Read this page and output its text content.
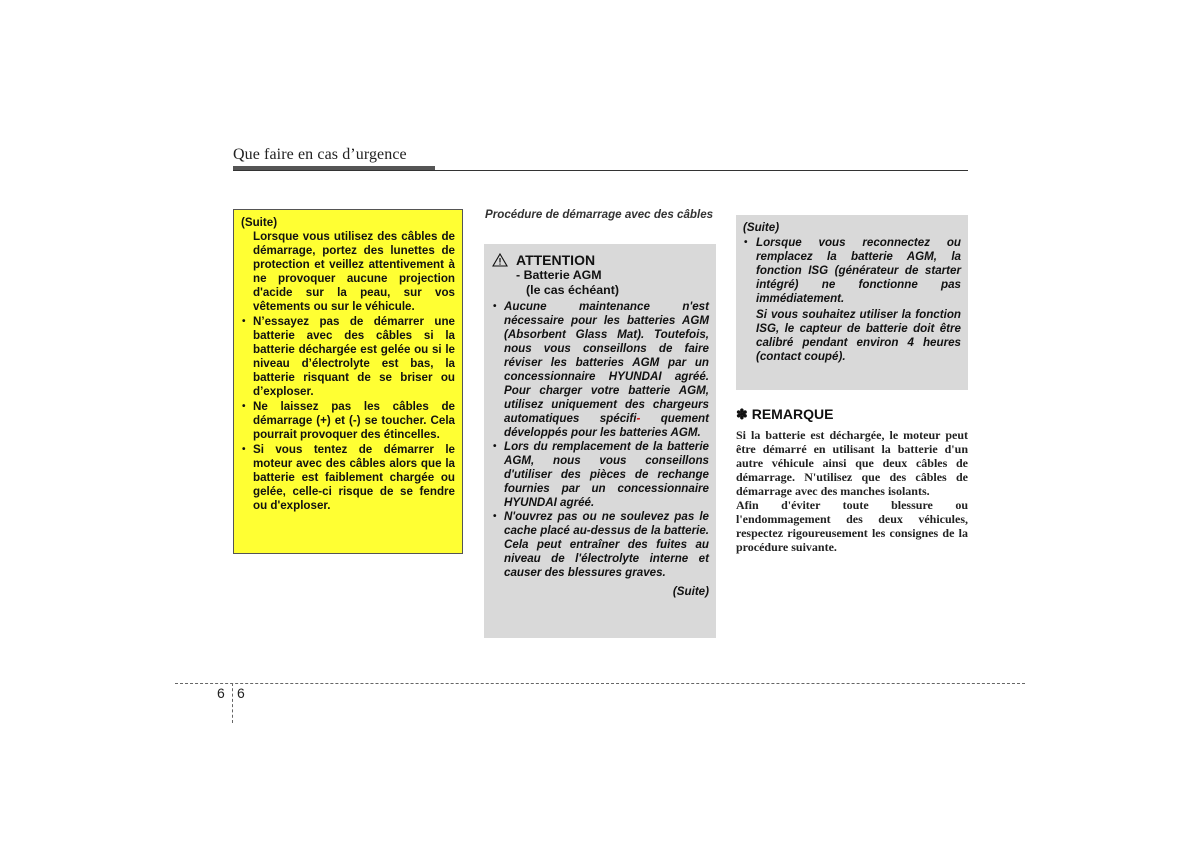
Que faire en cas d’urgence
(Suite)
Lorsque vous utilisez des câbles de démarrage, portez des lunettes de protection et veillez attentivement à ne provoquer aucune projection d'acide sur la peau, sur vos vêtements ou sur le véhicule.
• N’essayez pas de démarrer une batterie avec des câbles si la batterie déchargée est gelée ou si le niveau d’électrolyte est bas, la batterie risquant de se briser ou d’exploser.
• Ne laissez pas les câbles de démarrage (+) et (-) se toucher. Cela pourrait provoquer des étincelles.
• Si vous tentez de démarrer le moteur avec des câbles alors que la batterie est faiblement chargée ou gelée, celle-ci risque de se fendre ou d'exploser.
Procédure de démarrage avec des câbles
ATTENTION
- Batterie AGM
(le cas échéant)
• Aucune maintenance n'est nécessaire pour les batteries AGM (Absorbent Glass Mat). Toutefois, nous vous conseillons de faire réviser les batteries AGM par un concessionnaire HYUNDAI agréé. Pour charger votre batterie AGM, utilisez uniquement des chargeurs automatiques spécifi- quement développés pour les batteries AGM.
• Lors du remplacement de la batterie AGM, nous vous conseillons d'utiliser des pièces de rechange fournies par un concessionnaire HYUNDAI agréé.
• N'ouvrez pas ou ne soulevez pas le cache placé au-dessus de la batterie. Cela peut entraîner des fuites au niveau de l'électrolyte interne et causer des blessures graves.
(Suite)
(Suite)
• Lorsque vous reconnectez ou remplacez la batterie AGM, la fonction ISG (générateur de starter intégré) ne fonctionne pas immédiatement.
Si vous souhaitez utiliser la fonction ISG, le capteur de batterie doit être calibré pendant environ 4 heures (contact coupé).
✽ REMARQUE
Si la batterie est déchargée, le moteur peut être démarré en utilisant la batterie d'un autre véhicule ainsi que deux câbles de démarrage. N'utilisez que des câbles de démarrage avec des manches isolants.
Afin d'éviter toute blessure ou l'endommagement des deux véhicules, respectez rigoureusement les consignes de la procédure suivante.
6 6
